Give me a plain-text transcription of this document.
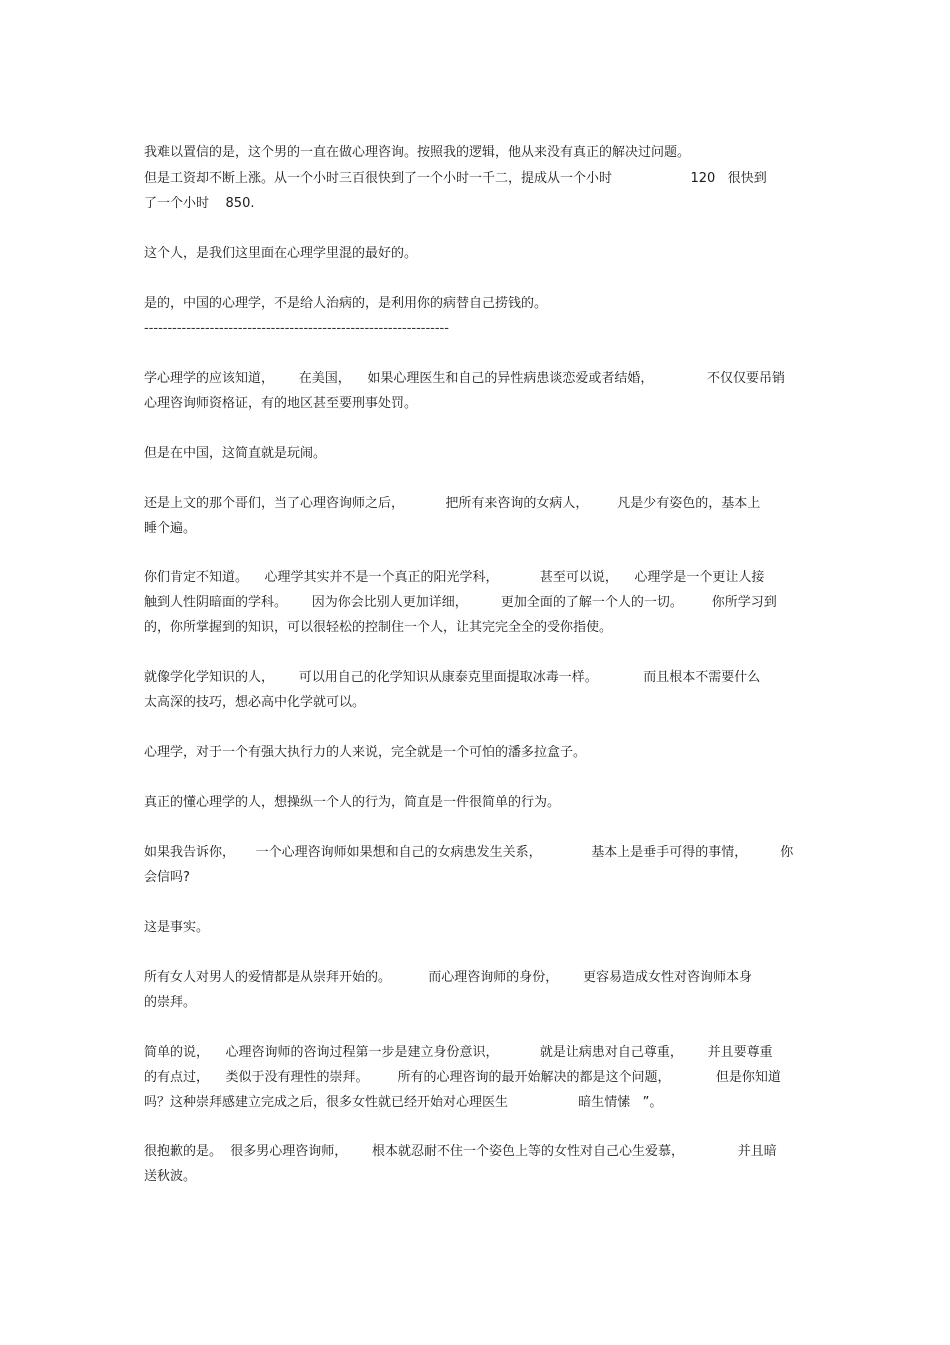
我难以置信的是，这个男的一直在做心理咨询。按照我的逻辑，他从来没有真正的解决过问题。
但是工资却不断上涨。从一个小时三百很快到了一个小时一千二，提成从一个小时                   120   很快到
了一个小时    850.
这个人，是我们这里面在心理学里混的最好的。
是的，中国的心理学，不是给人治病的，是利用你的病替自己捞钱的。
-----------------------------------------------------------------
学心理学的应该知道，      在美国，    如果心理医生和自己的异性病患谈恋爱或者结婚，             不仅仅要吊销
心理咨询师资格证，有的地区甚至要刑事处罚。
但是在中国，这简直就是玩闹。
还是上文的那个哥们，当了心理咨询师之后，          把所有来咨询的女病人，       凡是少有姿色的，基本上
睡个遍。
你们肯定不知道。    心理学其实并不是一个真正的阳光学科，          甚至可以说，    心理学是一个更让人接
触到人性阴暗面的学科。      因为你会比别人更加详细，        更加全面的了解一个人的一切。       你所学习到
的，你所掌握到的知识，可以很轻松的控制住一个人，让其完完全全的受你指使。
就像学化学知识的人，      可以用自己的化学知识从康泰克里面提取冰毒一样。           而且根本不需要什么
太高深的技巧，想必高中化学就可以。
心理学，对于一个有强大执行力的人来说，完全就是一个可怕的潘多拉盒子。
真正的懂心理学的人，想操纵一个人的行为，简直是一件很简单的行为。
如果我告诉你，     一个心理咨询师如果想和自己的女病患发生关系，            基本上是垂手可得的事情，        你
会信吗?
这是事实。
所有女人对男人的爱情都是从崇拜开始的。         而心理咨询师的身份，      更容易造成女性对咨询师本身
的崇拜。
简单的说，    心理咨询师的咨询过程第一步是建立身份意识，          就是让病患对自己尊重，      并且要尊重
的有点过，    类似于没有理性的崇拜。       所有的心理咨询的最开始解决的都是这个问题，           但是你知道
吗？这种崇拜感建立完成之后，很多女性就已经开始对心理医生                 暗生情愫   ”。
很抱歉的是。  很多男心理咨询师，      根本就忍耐不住一个姿色上等的女性对自己心生爱慕，             并且暗
送秋波。
